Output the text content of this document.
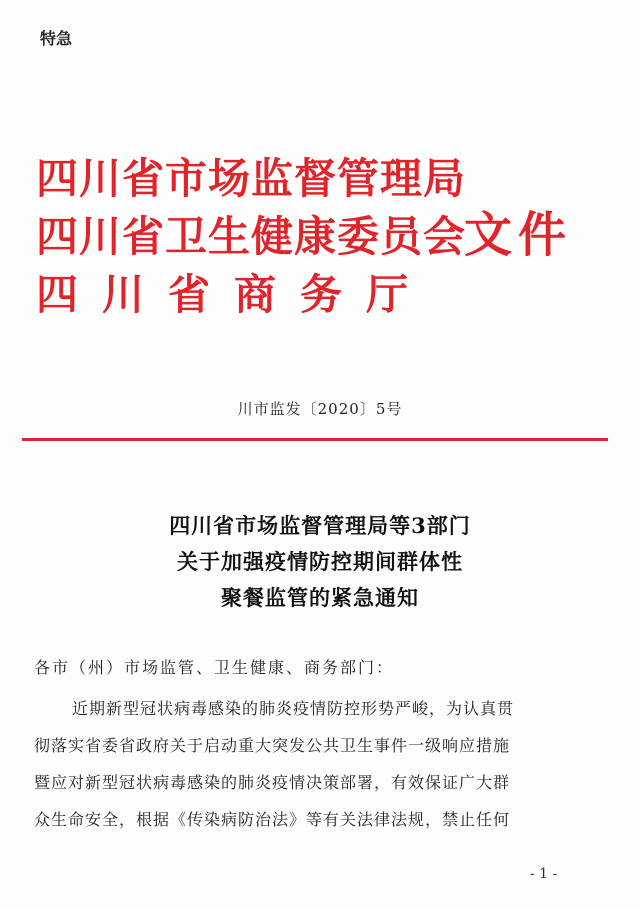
特急
四川省市场监督管理局
四川省卫生健康委员会
四川省商务厅
文件
川市监发〔2020〕5号
四川省市场监督管理局等3部门
关于加强疫情防控期间群体性
聚餐监管的紧急通知
各市（州）市场监管、卫生健康、商务部门：
近期新型冠状病毒感染的肺炎疫情防控形势严峻，为认真贯
彻落实省委省政府关于启动重大突发公共卫生事件一级响应措施
暨应对新型冠状病毒感染的肺炎疫情决策部署，有效保证广大群
众生命安全，根据《传染病防治法》等有关法律法规，禁止任何
- 1 -
